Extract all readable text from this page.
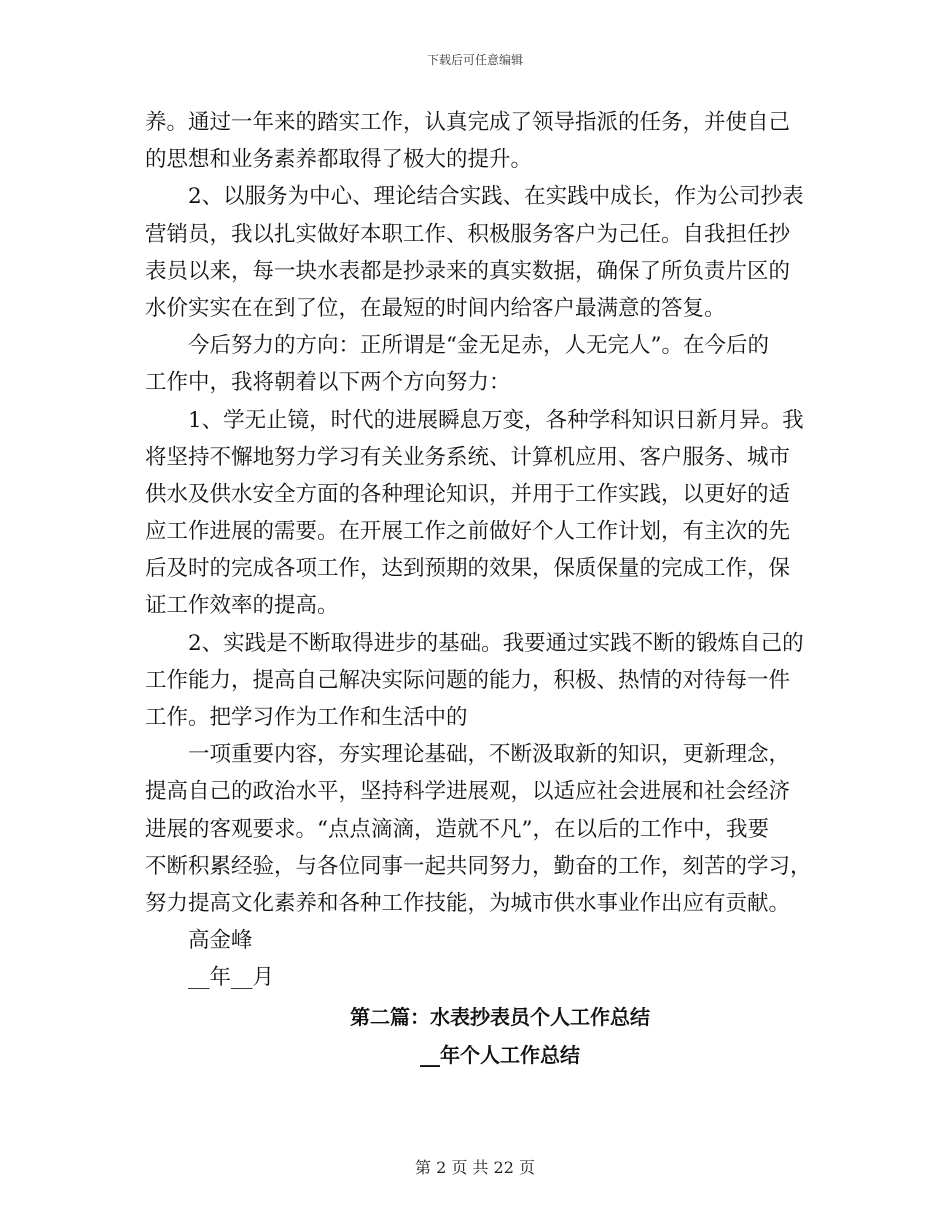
下载后可任意编辑
养。通过一年来的踏实工作，认真完成了领导指派的任务，并使自己
的思想和业务素养都取得了极大的提升。
2、以服务为中心、理论结合实践、在实践中成长，作为公司抄表
营销员，我以扎实做好本职工作、积极服务客户为己任。自我担任抄
表员以来，每一块水表都是抄录来的真实数据，确保了所负责片区的
水价实实在在到了位，在最短的时间内给客户最满意的答复。
今后努力的方向：正所谓是“金无足赤，人无完人”。在今后的
工作中，我将朝着以下两个方向努力：
1、学无止镜，时代的进展瞬息万变，各种学科知识日新月异。我
将坚持不懈地努力学习有关业务系统、计算机应用、客户服务、城市
供水及供水安全方面的各种理论知识，并用于工作实践，以更好的适
应工作进展的需要。在开展工作之前做好个人工作计划，有主次的先
后及时的完成各项工作，达到预期的效果，保质保量的完成工作，保
证工作效率的提高。
2、实践是不断取得进步的基础。我要通过实践不断的锻炼自己的
工作能力，提高自己解决实际问题的能力，积极、热情的对待每一件
工作。把学习作为工作和生活中的
一项重要内容，夯实理论基础，不断汲取新的知识，更新理念，
提高自己的政治水平，坚持科学进展观，以适应社会进展和社会经济
进展的客观要求。“点点滴滴，造就不凡”，在以后的工作中，我要
不断积累经验，与各位同事一起共同努力，勤奋的工作，刻苦的学习，
努力提高文化素养和各种工作技能，为城市供水事业作出应有贡献。
高金峰
__年__月
第二篇：水表抄表员个人工作总结
__年个人工作总结
第 2 页 共 22 页
